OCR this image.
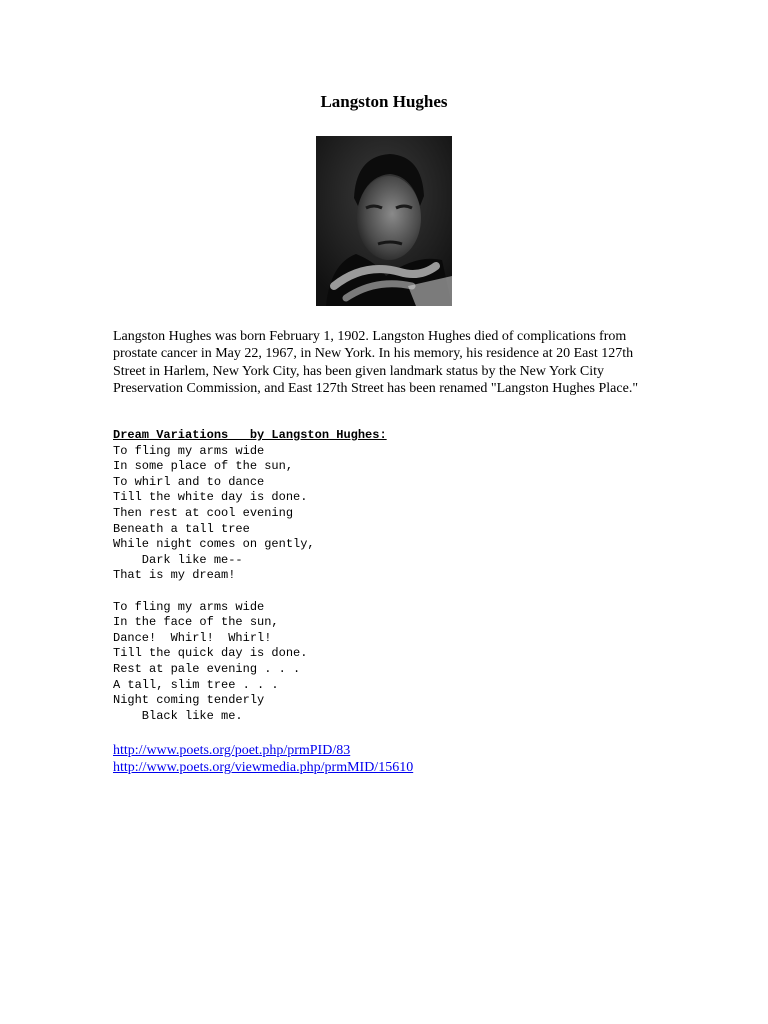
Langston Hughes

Langston Hughes was born February 1, 1902. Langston Hughes died of complications from prostate cancer in May 22, 1967, in New York. In his memory, his residence at 20 East 127th Street in Harlem, New York City, has been given landmark status by the New York City Preservation Commission, and East 127th Street has been renamed "Langston Hughes Place."

Dream Variations   by Langston Hughes:
To fling my arms wide
In some place of the sun,
To whirl and to dance
Till the white day is done.
Then rest at cool evening
Beneath a tall tree
While night comes on gently,
Dark like me--
That is my dream!
To fling my arms wide
In the face of the sun,
Dance!  Whirl!  Whirl!
Till the quick day is done.
Rest at pale evening . . .
A tall, slim tree . . .
Night coming tenderly
Black like me.
http://www.poets.org/poet.php/prmPID/83
http://www.poets.org/viewmedia.php/prmMID/15610
